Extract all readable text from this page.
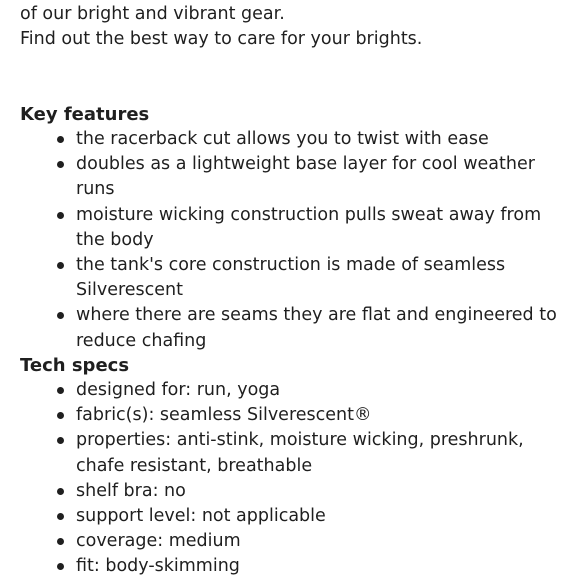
of our bright and vibrant gear.
Find out the best way to care for your brights.

Key features
the racerback cut allows you to twist with ease
doubles as a lightweight base layer for cool weather runs
moisture wicking construction pulls sweat away from the body
the tank's core construction is made of seamless Silverescent
where there are seams they are flat and engineered to reduce chafing
Tech specs
designed for: run, yoga
fabric(s): seamless Silverescent®
properties: anti-stink, moisture wicking, preshrunk, chafe resistant, breathable
shelf bra: no
support level: not applicable
coverage: medium
fit: body-skimming
